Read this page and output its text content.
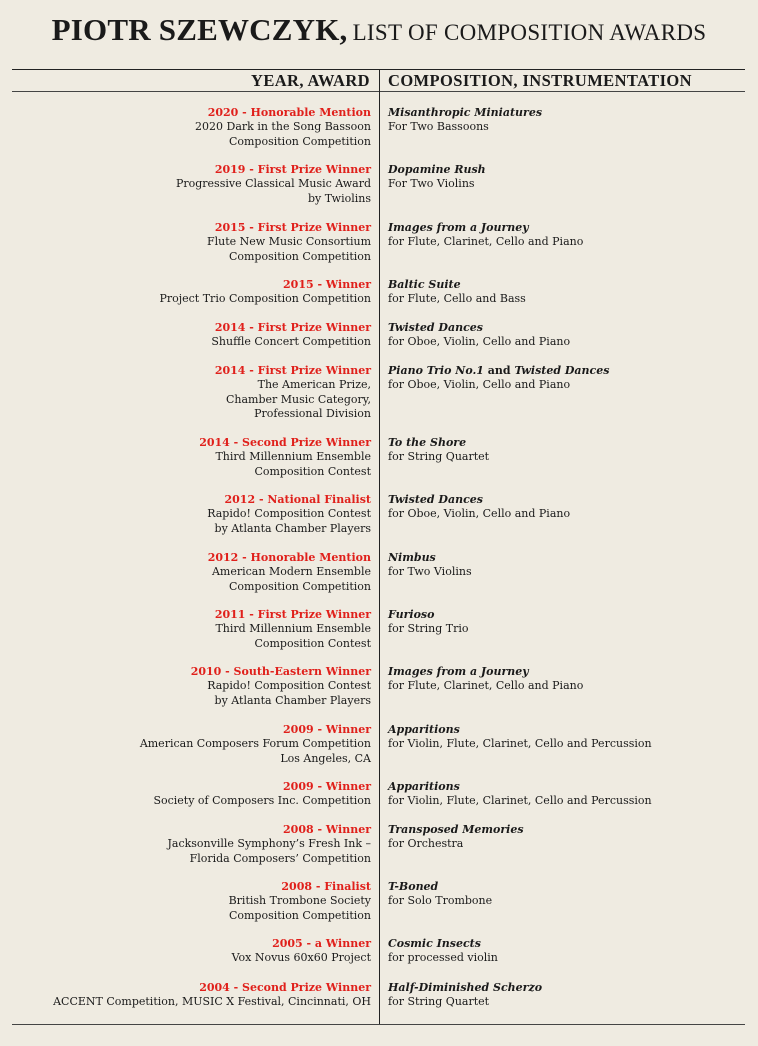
PIOTR SZEWCZYK, LIST OF COMPOSITION AWARDS
YEAR, AWARD COMPOSITION, INSTRUMENTATION
2020 - Honorable Mention
2020 Dark in the Song Bassoon
Composition Competition
Misanthropic Miniatures
For Two Bassoons
2019 - First Prize Winner
Progressive Classical Music Award
by Twiolins
Dopamine Rush
For Two Violins
2015 - First Prize Winner
Flute New Music Consortium
Composition Competition
Images from a Journey
for Flute, Clarinet, Cello and Piano
2015 - Winner
Project Trio Composition Competition
Baltic Suite
for Flute, Cello and Bass
2014 - First Prize Winner
Shuffle Concert Competition
Twisted Dances
for Oboe, Violin, Cello and Piano
2014 - First Prize Winner
The American Prize,
Chamber Music Category,
Professional Division
Piano Trio No.1 and Twisted Dances
for Oboe, Violin, Cello and Piano
2014 - Second Prize Winner
Third Millennium Ensemble
Composition Contest
To the Shore
for String Quartet
2012 - National Finalist
Rapido! Composition Contest
by Atlanta Chamber Players
Twisted Dances
for Oboe, Violin, Cello and Piano
2012 - Honorable Mention
American Modern Ensemble
Composition Competition
Nimbus
for Two Violins
2011 - First Prize Winner
Third Millennium Ensemble
Composition Contest
Furioso
for String Trio
2010 - South-Eastern Winner
Rapido! Composition Contest
by Atlanta Chamber Players
Images from a Journey
for Flute, Clarinet, Cello and Piano
2009 - Winner
American Composers Forum Competition
Los Angeles, CA
Apparitions
for Violin, Flute, Clarinet, Cello and Percussion
2009 - Winner
Society of Composers Inc. Competition
Apparitions
for Violin, Flute, Clarinet, Cello and Percussion
2008 - Winner
Jacksonville Symphony’s Fresh Ink –
Florida Composers’ Competition
Transposed Memories
for Orchestra
2008 - Finalist
British Trombone Society
Composition Competition
T-Boned
for Solo Trombone
2005 - a Winner
Vox Novus 60x60 Project
Cosmic Insects
for processed violin
2004 - Second Prize Winner
ACCENT Competition, MUSIC X Festival, Cincinnati, OH
Half-Diminished Scherzo
for String Quartet
